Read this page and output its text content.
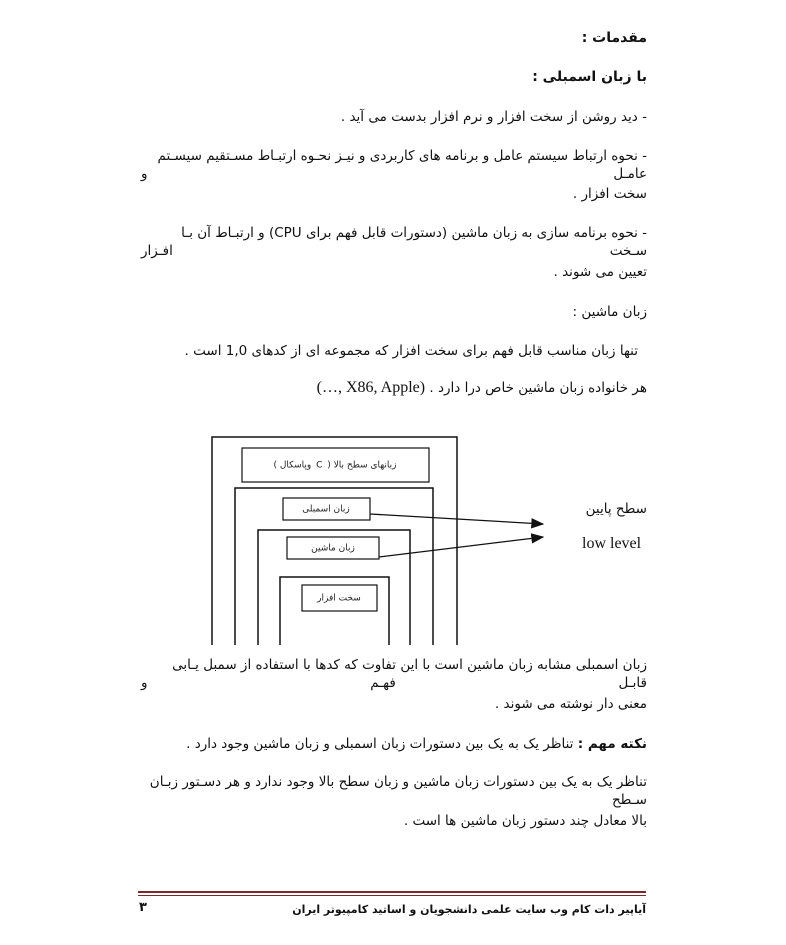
مقدمات :
با زبان اسمبلی :
- دید روشن از سخت افزار و نرم افزار بدست می آید .
- نحوه ارتباط سیستم عامل و برنامه های کاربردی و نیـز نحـوه ارتبـاط مسـتقیم سیسـتم عامـل و
سخت افزار .
- نحوه برنامه سازی به زبان ماشین (دستورات قابل فهم برای CPU) و ارتبـاط آن بـا سـخت افـزار
تعیین می شوند .
زبان ماشین :
تنها زبان مناسب قابل فهم برای سخت افزار که مجموعه ای از کدهای 1,0 است .
هر خانواده زبان ماشین خاص درا دارد . (…, X86, Apple)
زبانهای سطح بالا ( C وپاسکال )
زبان اسمبلی
زبان ماشین
سخت افزار
سطح پایین
low level
زبان اسمبلی مشابه زبان ماشین است با این تفاوت که کدها با استفاده از سمبل یـابی قابـل فهـم و
معنی دار نوشته می شوند .
نکته مهم : تناظر یک به یک بین دستورات زبان اسمبلی و زبان ماشین وجود دارد .
تناظر یک به یک بین دستورات زبان ماشین و زبان سطح بالا وجود ندارد و هر دسـتور زبـان سـطح
بالا معادل چند دستور زبان ماشین ها است .
آیاپیر دات کام وب سایت علمی دانشجویان و اساتید کامپیوتر ایران
۳
